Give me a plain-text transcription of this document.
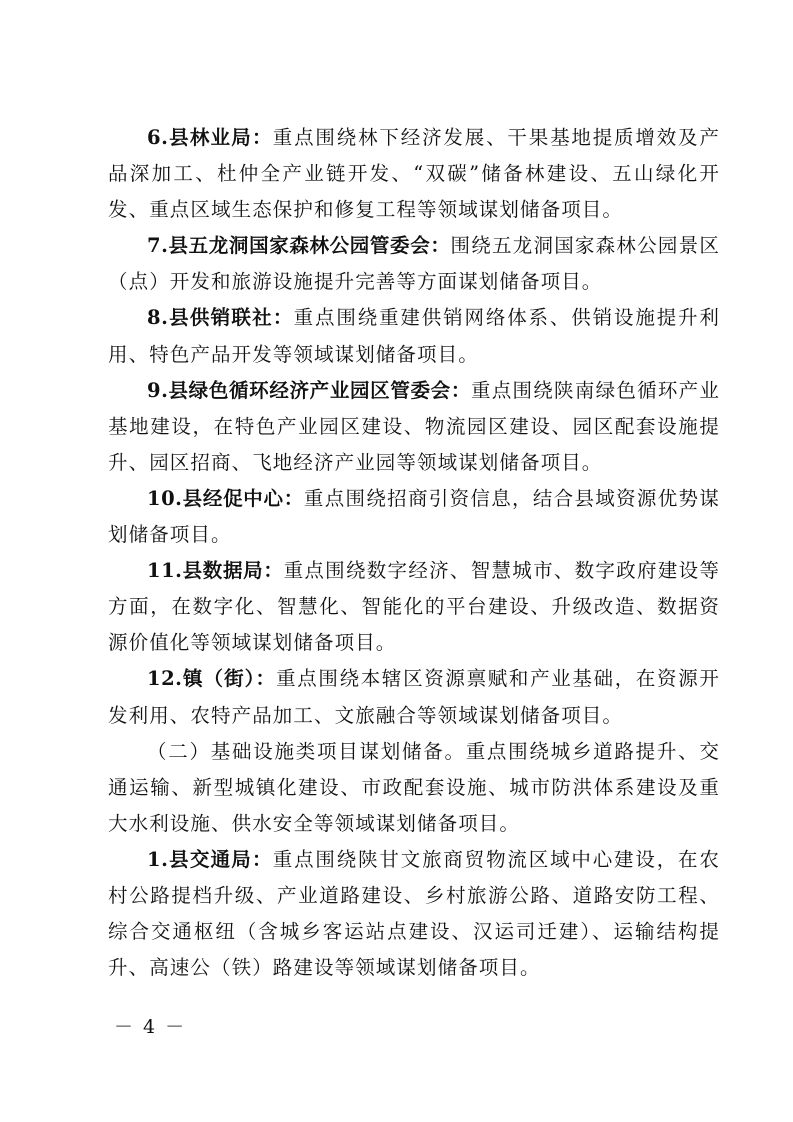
6.县林业局：重点围绕林下经济发展、干果基地提质增效及产品深加工、杜仲全产业链开发、“双碳”储备林建设、五山绿化开发、重点区域生态保护和修复工程等领域谋划储备项目。

7.县五龙洞国家森林公园管委会：围绕五龙洞国家森林公园景区（点）开发和旅游设施提升完善等方面谋划储备项目。

8.县供销联社：重点围绕重建供销网络体系、供销设施提升利用、特色产品开发等领域谋划储备项目。

9.县绿色循环经济产业园区管委会：重点围绕陕南绿色循环产业基地建设，在特色产业园区建设、物流园区建设、园区配套设施提升、园区招商、飞地经济产业园等领域谋划储备项目。

10.县经促中心：重点围绕招商引资信息，结合县域资源优势谋划储备项目。

11.县数据局：重点围绕数字经济、智慧城市、数字政府建设等方面，在数字化、智慧化、智能化的平台建设、升级改造、数据资源价值化等领域谋划储备项目。

12.镇（街）：重点围绕本辖区资源禀赋和产业基础，在资源开发利用、农特产品加工、文旅融合等领域谋划储备项目。

（二）基础设施类项目谋划储备。重点围绕城乡道路提升、交通运输、新型城镇化建设、市政配套设施、城市防洪体系建设及重大水利设施、供水安全等领域谋划储备项目。

1.县交通局：重点围绕陕甘文旅商贸物流区域中心建设，在农村公路提档升级、产业道路建设、乡村旅游公路、道路安防工程、综合交通枢纽（含城乡客运站点建设、汉运司迁建）、运输结构提升、高速公（铁）路建设等领域谋划储备项目。

－ 4 －
